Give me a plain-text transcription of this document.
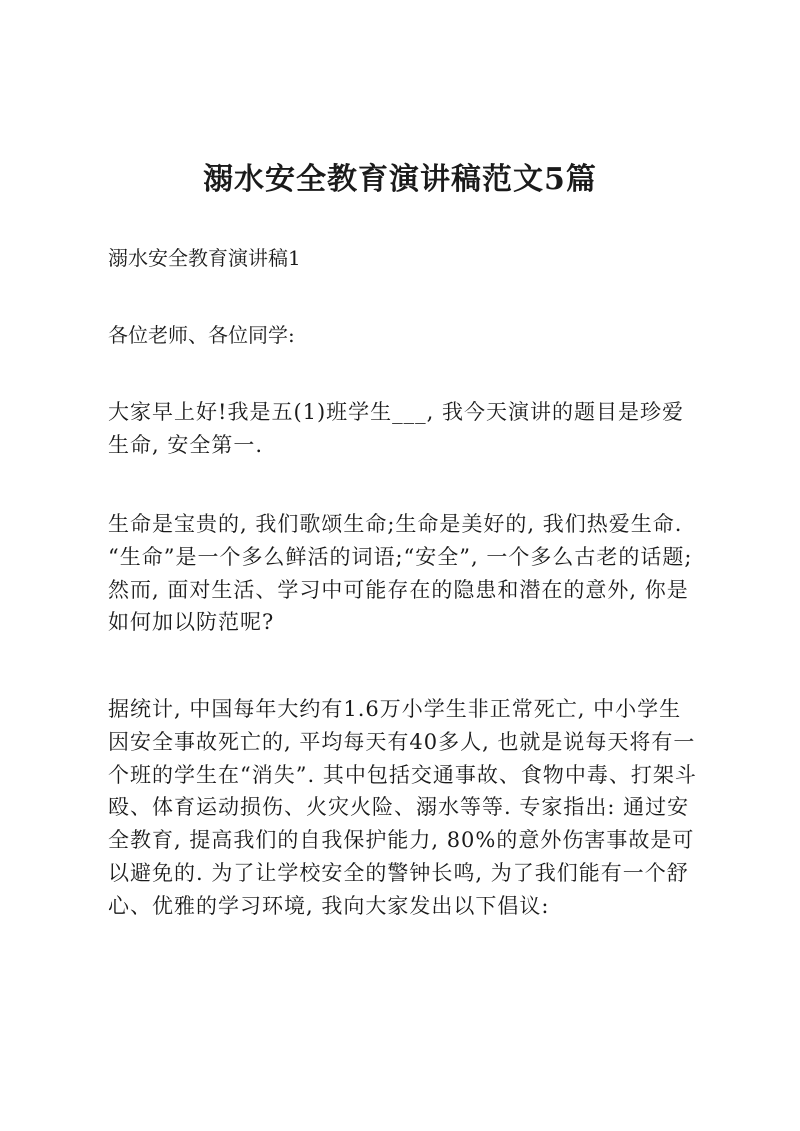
溺水安全教育演讲稿范文5篇
溺水安全教育演讲稿1
各位老师、各位同学:
大家早上好!我是五(1)班学生___, 我今天演讲的题目是珍爱生命, 安全第一.
生命是宝贵的, 我们歌颂生命;生命是美好的, 我们热爱生命. “生命”是一个多么鲜活的词语;“安全”, 一个多么古老的话题;然而, 面对生活、学习中可能存在的隐患和潜在的意外, 你是如何加以防范呢?
据统计, 中国每年大约有1.6万小学生非正常死亡, 中小学生因安全事故死亡的, 平均每天有40多人, 也就是说每天将有一个班的学生在“消失”. 其中包括交通事故、食物中毒、打架斗殴、体育运动损伤、火灾火险、溺水等等. 专家指出: 通过安全教育, 提高我们的自我保护能力, 80%的意外伤害事故是可以避免的. 为了让学校安全的警钟长鸣, 为了我们能有一个舒心、优雅的学习环境, 我向大家发出以下倡议:
